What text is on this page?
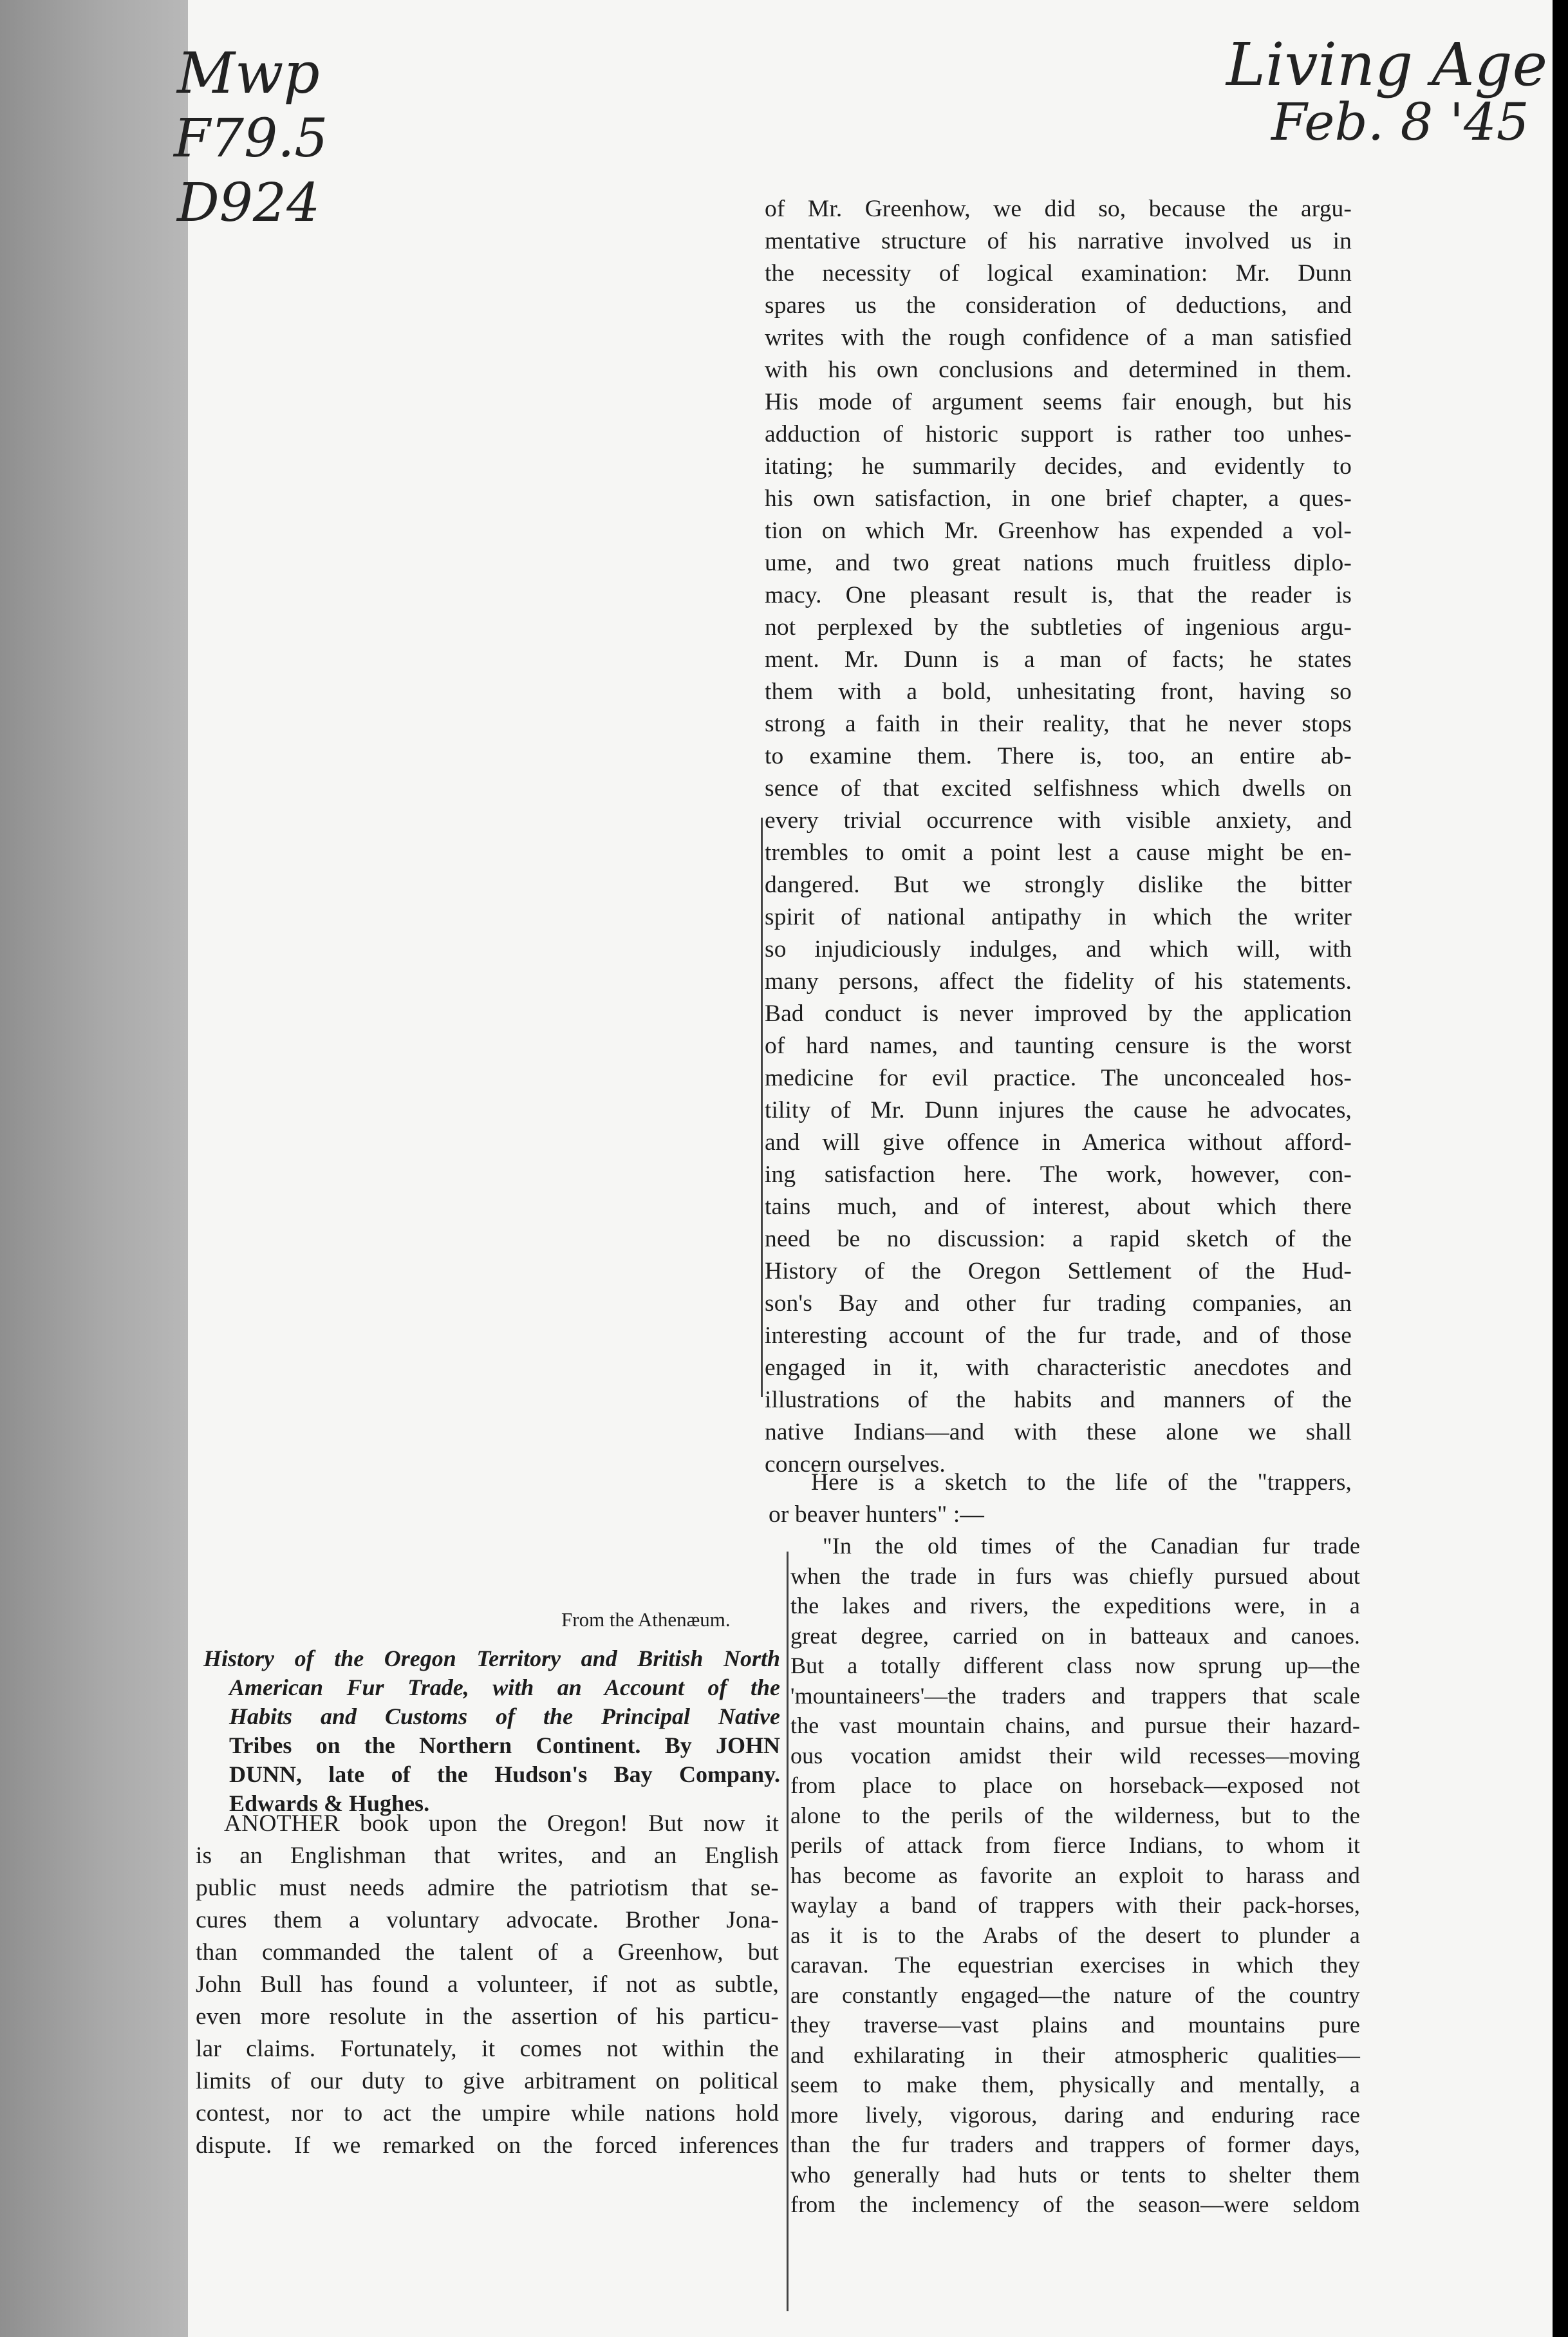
Mwp
F79.5
D924
Living Age
Feb. 8 '45
From the Athenæum.
History of the Oregon Territory and British North
American Fur Trade, with an Account of the
Habits and Customs of the Principal Native
Tribes on the Northern Continent. By JOHN
DUNN, late of the Hudson's Bay Company.
Edwards & Hughes.
ANOTHER book upon the Oregon! But now it
is an Englishman that writes, and an English
public must needs admire the patriotism that se-
cures them a voluntary advocate. Brother Jona-
than commanded the talent of a Greenhow, but
John Bull has found a volunteer, if not as subtle,
even more resolute in the assertion of his particu-
lar claims. Fortunately, it comes not within the
limits of our duty to give arbitrament on political
contest, nor to act the umpire while nations hold
dispute. If we remarked on the forced inferences
of Mr. Greenhow, we did so, because the argu-
mentative structure of his narrative involved us in
the necessity of logical examination: Mr. Dunn
spares us the consideration of deductions, and
writes with the rough confidence of a man satisfied
with his own conclusions and determined in them.
His mode of argument seems fair enough, but his
adduction of historic support is rather too unhes-
itating; he summarily decides, and evidently to
his own satisfaction, in one brief chapter, a ques-
tion on which Mr. Greenhow has expended a vol-
ume, and two great nations much fruitless diplo-
macy. One pleasant result is, that the reader is
not perplexed by the subtleties of ingenious argu-
ment. Mr. Dunn is a man of facts; he states
them with a bold, unhesitating front, having so
strong a faith in their reality, that he never stops
to examine them. There is, too, an entire ab-
sence of that excited selfishness which dwells on
every trivial occurrence with visible anxiety, and
trembles to omit a point lest a cause might be en-
dangered. But we strongly dislike the bitter
spirit of national antipathy in which the writer
so injudiciously indulges, and which will, with
many persons, affect the fidelity of his statements.
Bad conduct is never improved by the application
of hard names, and taunting censure is the worst
medicine for evil practice. The unconcealed hos-
tility of Mr. Dunn injures the cause he advocates,
and will give offence in America without afford-
ing satisfaction here. The work, however, con-
tains much, and of interest, about which there
need be no discussion: a rapid sketch of the
History of the Oregon Settlement of the Hud-
son's Bay and other fur trading companies, an
interesting account of the fur trade, and of those
engaged in it, with characteristic anecdotes and
illustrations of the habits and manners of the
native Indians—and with these alone we shall
concern ourselves.
Here is a sketch to the life of the "trappers,
or beaver hunters" :—
"In the old times of the Canadian fur trade
when the trade in furs was chiefly pursued about
the lakes and rivers, the expeditions were, in a
great degree, carried on in batteaux and canoes.
But a totally different class now sprung up—the
'mountaineers'—the traders and trappers that scale
the vast mountain chains, and pursue their hazard-
ous vocation amidst their wild recesses—moving
from place to place on horseback—exposed not
alone to the perils of the wilderness, but to the
perils of attack from fierce Indians, to whom it
has become as favorite an exploit to harass and
waylay a band of trappers with their pack-horses,
as it is to the Arabs of the desert to plunder a
caravan. The equestrian exercises in which they
are constantly engaged—the nature of the country
they traverse—vast plains and mountains pure
and exhilarating in their atmospheric qualities—
seem to make them, physically and mentally, a
more lively, vigorous, daring and enduring race
than the fur traders and trappers of former days,
who generally had huts or tents to shelter them
from the inclemency of the season—were seldom
